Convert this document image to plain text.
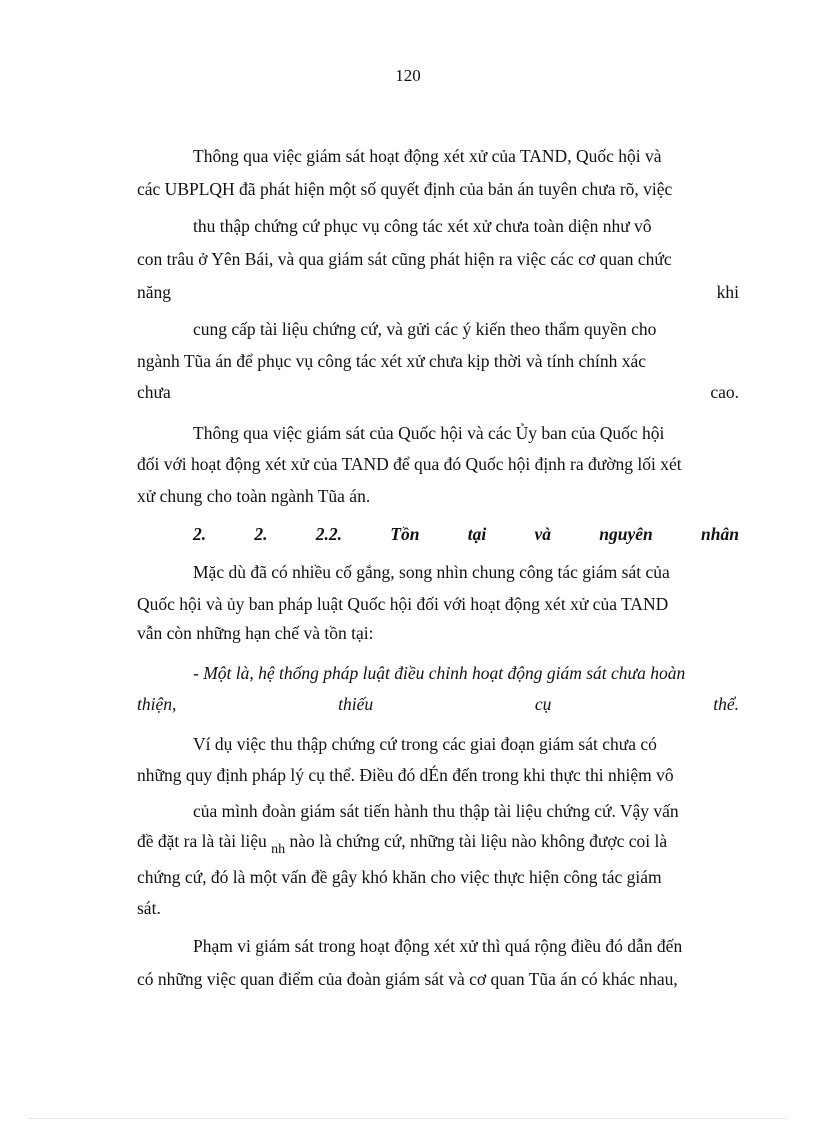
120
Thông qua việc giám sát hoạt động xét xử của TAND, Quốc hội và
các UBPLQH đã phát hiện một số quyết định của bản án tuyên chưa rõ, việc
thu thập chứng cứ phục vụ công tác xét xử chưa toàn diện như vô
con trâu ở Yên Bái, và qua giám sát cũng phát hiện ra việc các cơ quan chức
năng	khi
cung cấp tài liệu chứng cứ, và gửi các ý kiến theo thẩm quyền cho
ngành Tũa án để phục vụ công tác xét xử chưa kịp thời và tính chính xác
chưa	cao.
Thông qua việc giám sát của Quốc hội và các Ủy ban của Quốc hội
đối với hoạt động xét xử của TAND để qua đó Quốc hội định ra đường lối xét
xử chung cho toàn ngành Tũa án.
2.	2.	2.2.	Tồn	tại	và	nguyên	nhân
Mặc dù đã có nhiều cố gắng, song nhìn chung công tác giám sát của
Quốc hội và ủy ban pháp luật Quốc hội đối với hoạt động xét xử của TAND
vẫn còn những hạn chế và tồn tại:
- Một là, hệ thống pháp luật điều chỉnh hoạt động giám sát chưa hoàn
thiện,	thiếu	cụ	thể.
Ví dụ việc thu thập chứng cứ trong các giai đoạn giám sát chưa có
những quy định pháp lý cụ thể. Điều đó dÉn đến trong khi thực thi nhiệm vô
của mình đoàn giám sát tiến hành thu thập tài liệu chứng cứ. Vậy vấn
đề đặt ra là tài liệu $_{nh}$ nào là chứng cứ, những tài liệu nào không được coi là
chứng cứ, đó là một vấn đề gây khó khăn cho việc thực hiện công tác giám
sát.
Phạm vi giám sát trong hoạt động xét xử thì quá rộng điều đó dẫn đến
có những việc quan điểm của đoàn giám sát và cơ quan Tũa án có khác nhau,
